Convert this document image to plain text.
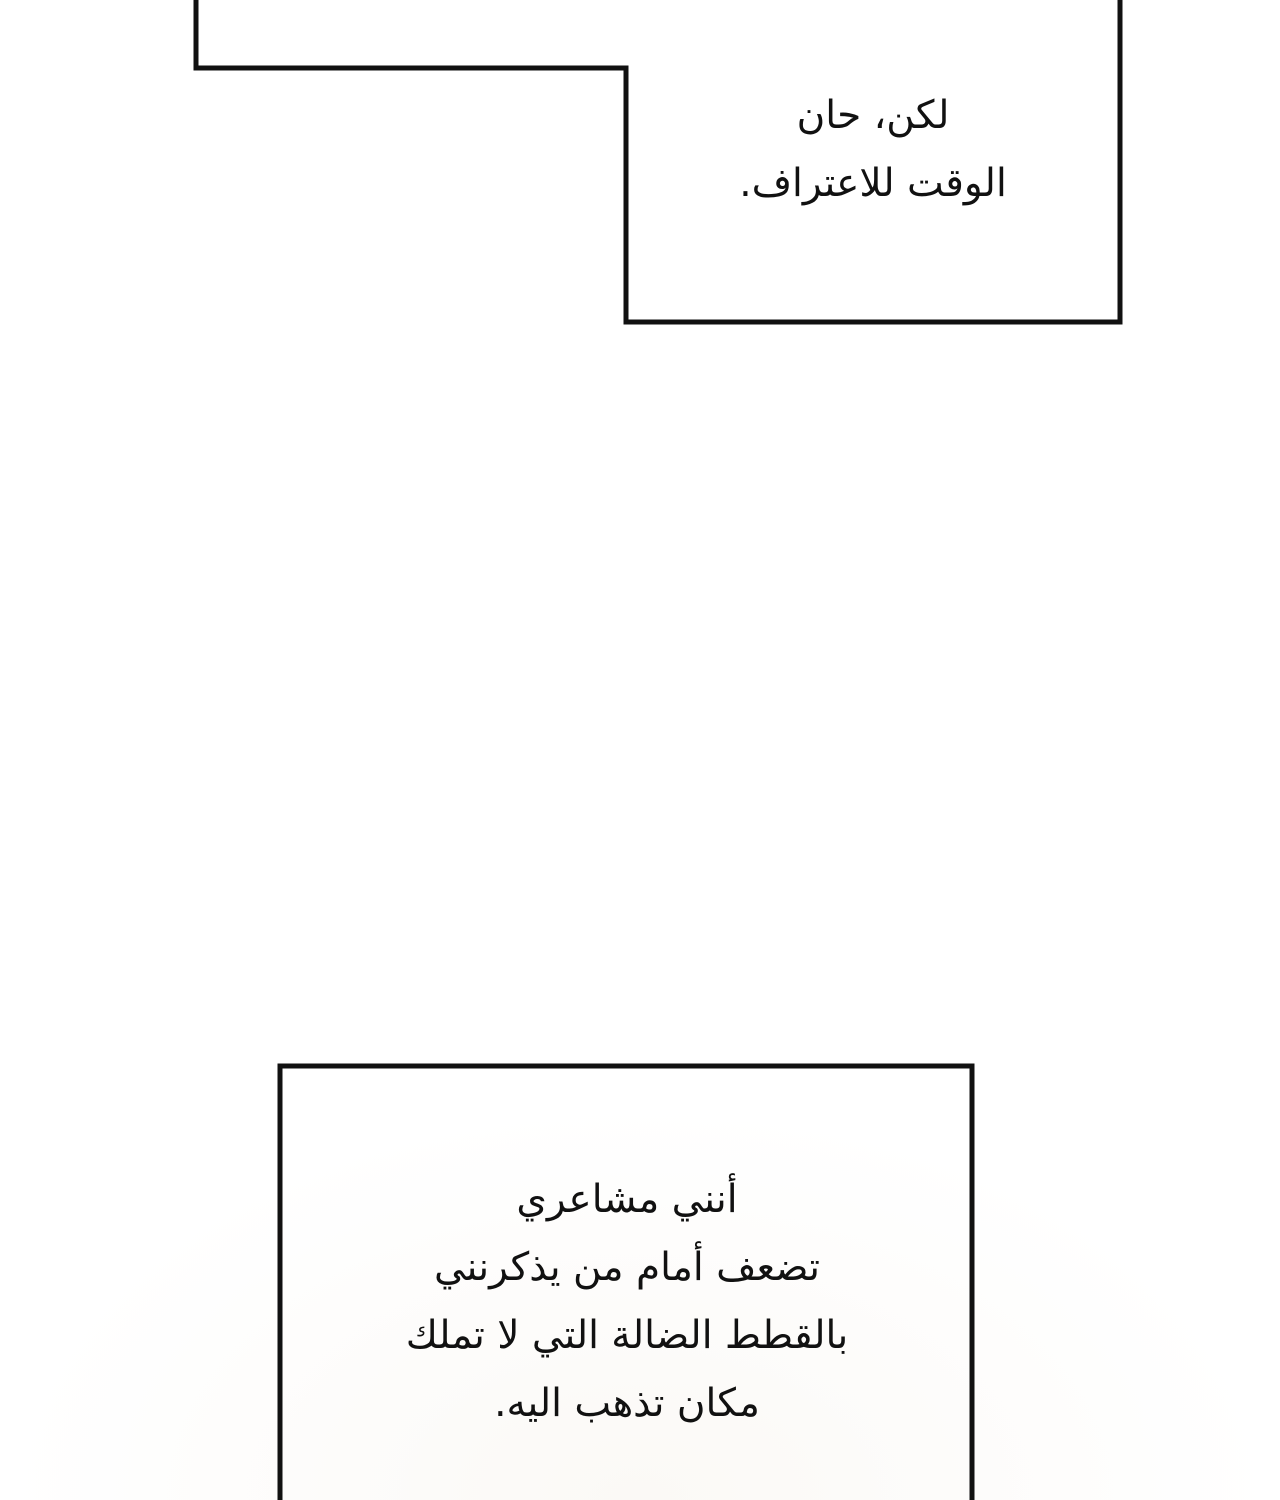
لكن، حان
الوقت للاعتراف.
أنني مشاعري
تضعف أمام من يذكرنني
بالقطط الضالة التي لا تملك
مكان تذهب اليه.
